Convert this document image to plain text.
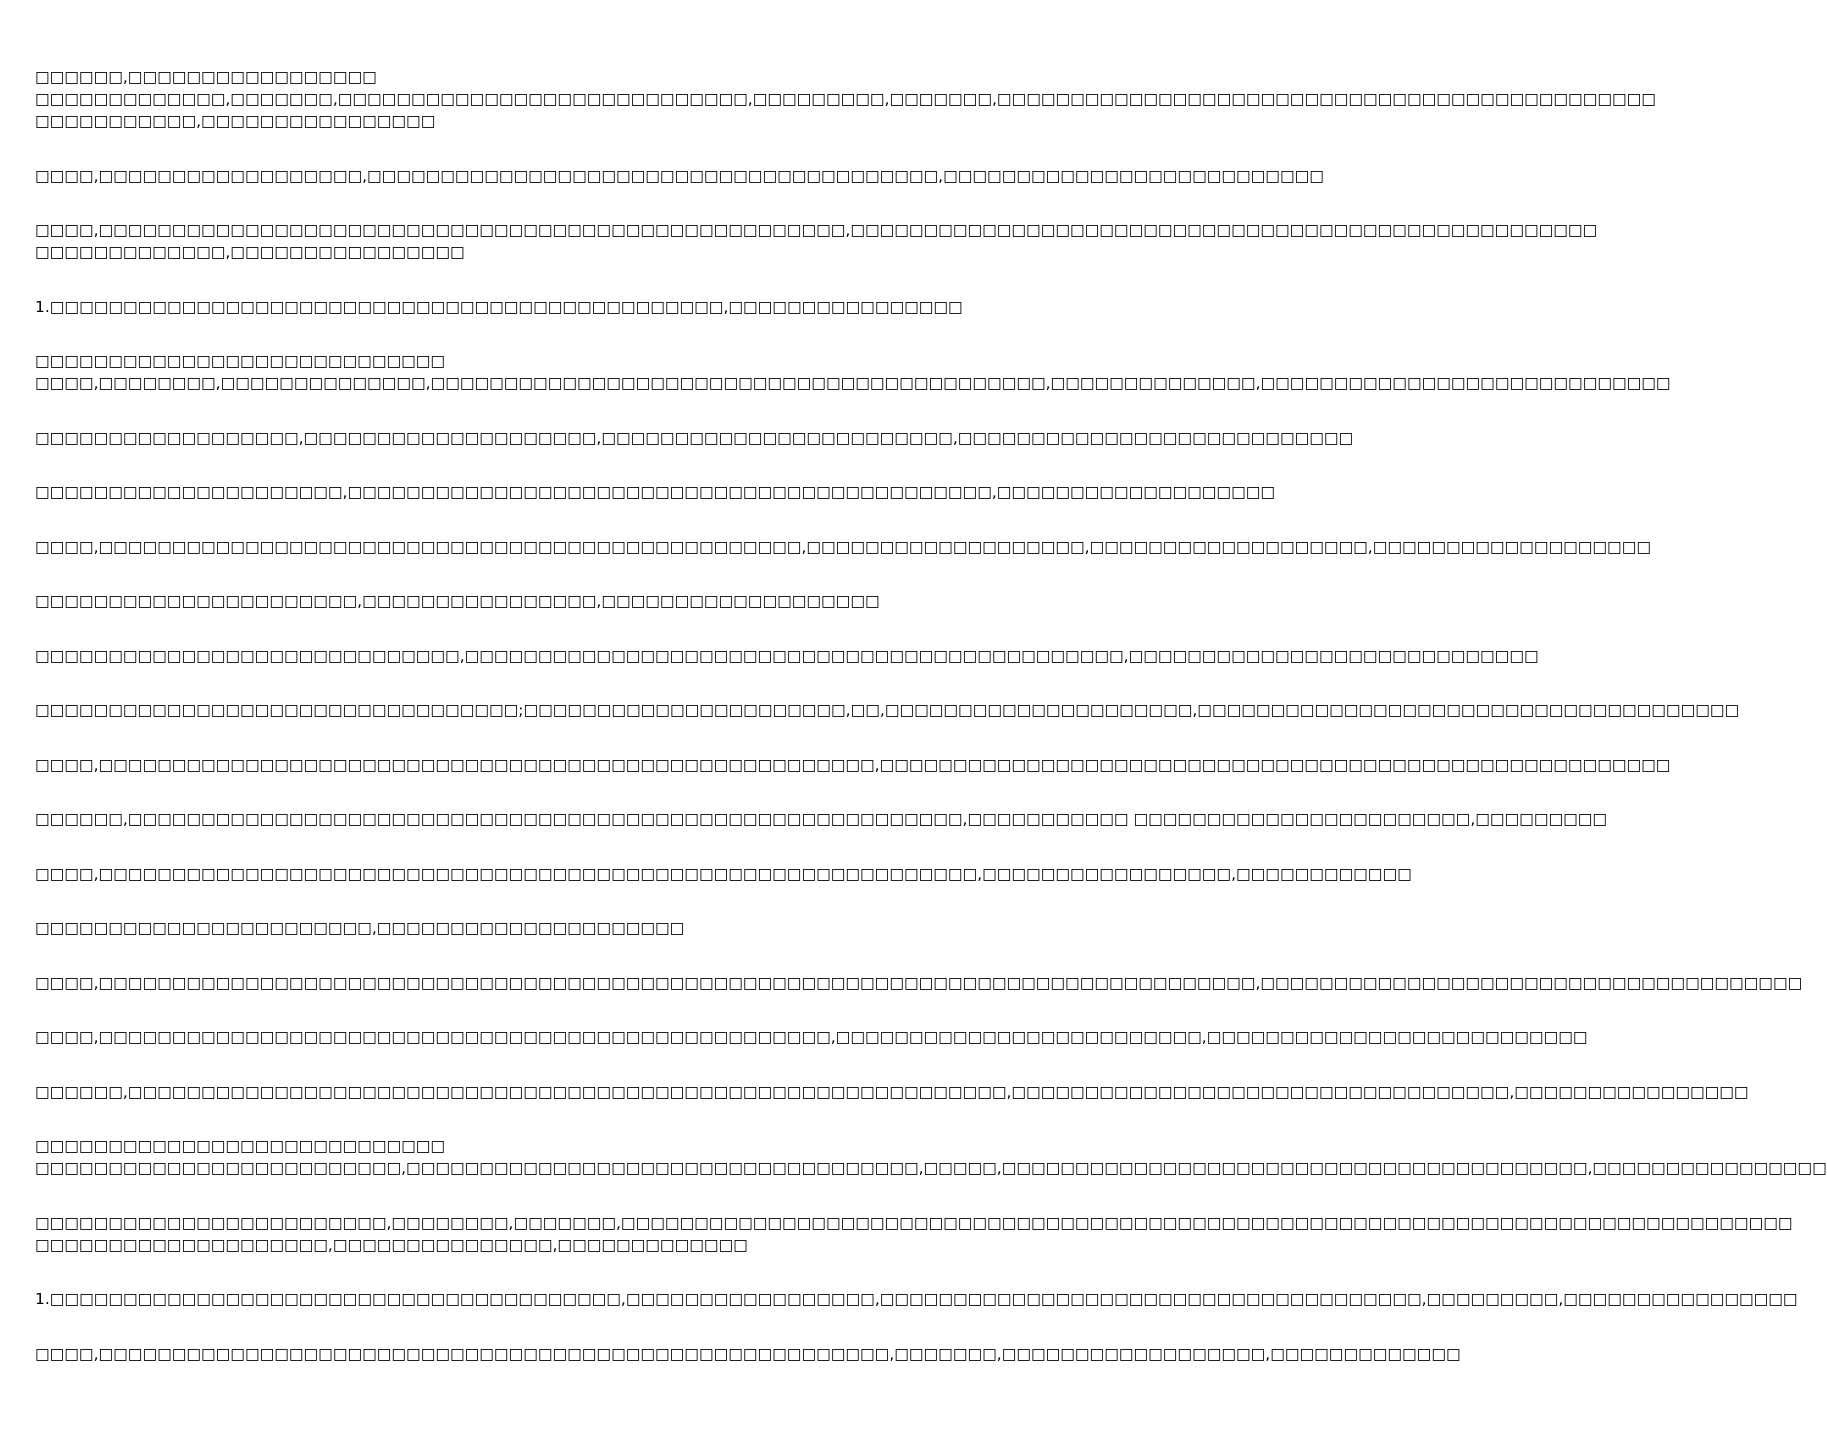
□□□□□□,□□□□□□□□□□□□□□□□□
□□□□□□□□□□□□□,□□□□□□□,□□□□□□□□□□□□□□□□□□□□□□□□□□□□,□□□□□□□□□,□□□□□□□,□□□□□□□□□□□□□□□□□□□□□□□□□□□□□□□□□□□□□□□□□□□□□
□□□□□□□□□□□,□□□□□□□□□□□□□□□□
□□□□,□□□□□□□□□□□□□□□□□□,□□□□□□□□□□□□□□□□□□□□□□□□□□□□□□□□□□□□□□□,□□□□□□□□□□□□□□□□□□□□□□□□□□
□□□□,□□□□□□□□□□□□□□□□□□□□□□□□□□□□□□□□□□□□□□□□□□□□□□□□□□□,□□□□□□□□□□□□□□□□□□□□□□□□□□□□□□□□□□□□□□□□□□□□□□□□□□□
□□□□□□□□□□□□□,□□□□□□□□□□□□□□□□
1.□□□□□□□□□□□□□□□□□□□□□□□□□□□□□□□□□□□□□□□□□□□□□□,□□□□□□□□□□□□□□□□
□□□□□□□□□□□□□□□□□□□□□□□□□□□□
□□□□,□□□□□□□□,□□□□□□□□□□□□□□,□□□□□□□□□□□□□□□□□□□□□□□□□□□□□□□□□□□□□□□□□□,□□□□□□□□□□□□□□,□□□□□□□□□□□□□□□□□□□□□□□□□□□□
□□□□□□□□□□□□□□□□□□,□□□□□□□□□□□□□□□□□□□□,□□□□□□□□□□□□□□□□□□□□□□□□,□□□□□□□□□□□□□□□□□□□□□□□□□□□
□□□□□□□□□□□□□□□□□□□□□,□□□□□□□□□□□□□□□□□□□□□□□□□□□□□□□□□□□□□□□□□□□□,□□□□□□□□□□□□□□□□□□□
□□□□,□□□□□□□□□□□□□□□□□□□□□□□□□□□□□□□□□□□□□□□□□□□□□□□□,□□□□□□□□□□□□□□□□□□□,□□□□□□□□□□□□□□□□□□□,□□□□□□□□□□□□□□□□□□□
□□□□□□□□□□□□□□□□□□□□□□,□□□□□□□□□□□□□□□□,□□□□□□□□□□□□□□□□□□□
□□□□□□□□□□□□□□□□□□□□□□□□□□□□□,□□□□□□□□□□□□□□□□□□□□□□□□□□□□□□□□□□□□□□□□□□□□□,□□□□□□□□□□□□□□□□□□□□□□□□□□□□
□□□□□□□□□□□□□□□□□□□□□□□□□□□□□□□□□;□□□□□□□□□□□□□□□□□□□□□□,□□,□□□□□□□□□□□□□□□□□□□□□,□□□□□□□□□□□□□□□□□□□□□□□□□□□□□□□□□□□□□
□□□□,□□□□□□□□□□□□□□□□□□□□□□□□□□□□□□□□□□□□□□□□□□□□□□□□□□□□□,□□□□□□□□□□□□□□□□□□□□□□□□□□□□□□□□□□□□□□□□□□□□□□□□□□□□□□
□□□□□□,□□□□□□□□□□□□□□□□□□□□□□□□□□□□□□□□□□□□□□□□□□□□□□□□□□□□□□□□□,□□□□□□□□□□□ □□□□□□□□□□□□□□□□□□□□□□□,□□□□□□□□□
□□□□,□□□□□□□□□□□□□□□□□□□□□□□□□□□□□□□□□□□□□□□□□□□□□□□□□□□□□□□□□□□□,□□□□□□□□□□□□□□□□□,□□□□□□□□□□□□
□□□□□□□□□□□□□□□□□□□□□□□,□□□□□□□□□□□□□□□□□□□□□
□□□□,□□□□□□□□□□□□□□□□□□□□□□□□□□□□□□□□□□□□□□□□□□□□□□□□□□□□□□□□□□□□□□□□□□□□□□□□□□□□□□□,□□□□□□□□□□□□□□□□□□□□□□□□□□□□□□□□□□□□□
□□□□,□□□□□□□□□□□□□□□□□□□□□□□□□□□□□□□□□□□□□□□□□□□□□□□□□□,□□□□□□□□□□□□□□□□□□□□□□□□□,□□□□□□□□□□□□□□□□□□□□□□□□□□
□□□□□□,□□□□□□□□□□□□□□□□□□□□□□□□□□□□□□□□□□□□□□□□□□□□□□□□□□□□□□□□□□□□,□□□□□□□□□□□□□□□□□□□□□□□□□□□□□□□□□□,□□□□□□□□□□□□□□□□
□□□□□□□□□□□□□□□□□□□□□□□□□□□□
□□□□□□□□□□□□□□□□□□□□□□□□□,□□□□□□□□□□□□□□□□□□□□□□□□□□□□□□□□□□□,□□□□□,□□□□□□□□□□□□□□□□□□□□□□□□□□□□□□□□□□□□□□□□,□□□□□□□□□□□□□□□□
□□□□□□□□□□□□□□□□□□□□□□□□,□□□□□□□□,□□□□□□□,□□□□□□□□□□□□□□□□□□□□□□□□□□□□□□□□□□□□□□□□□□□□□□□□□□□□□□□□□□□□□□□□□□□□□□□□□□□□□□□□
□□□□□□□□□□□□□□□□□□□□,□□□□□□□□□□□□□□□,□□□□□□□□□□□□□
1.□□□□□□□□□□□□□□□□□□□□□□□□□□□□□□□□□□□□□□□,□□□□□□□□□□□□□□□□□,□□□□□□□□□□□□□□□□□□□□□□□□□□□□□□□□□□□□□,□□□□□□□□□,□□□□□□□□□□□□□□□□
□□□□,□□□□□□□□□□□□□□□□□□□□□□□□□□□□□□□□□□□□□□□□□□□□□□□□□□□□□□,□□□□□□□,□□□□□□□□□□□□□□□□□□,□□□□□□□□□□□□□
